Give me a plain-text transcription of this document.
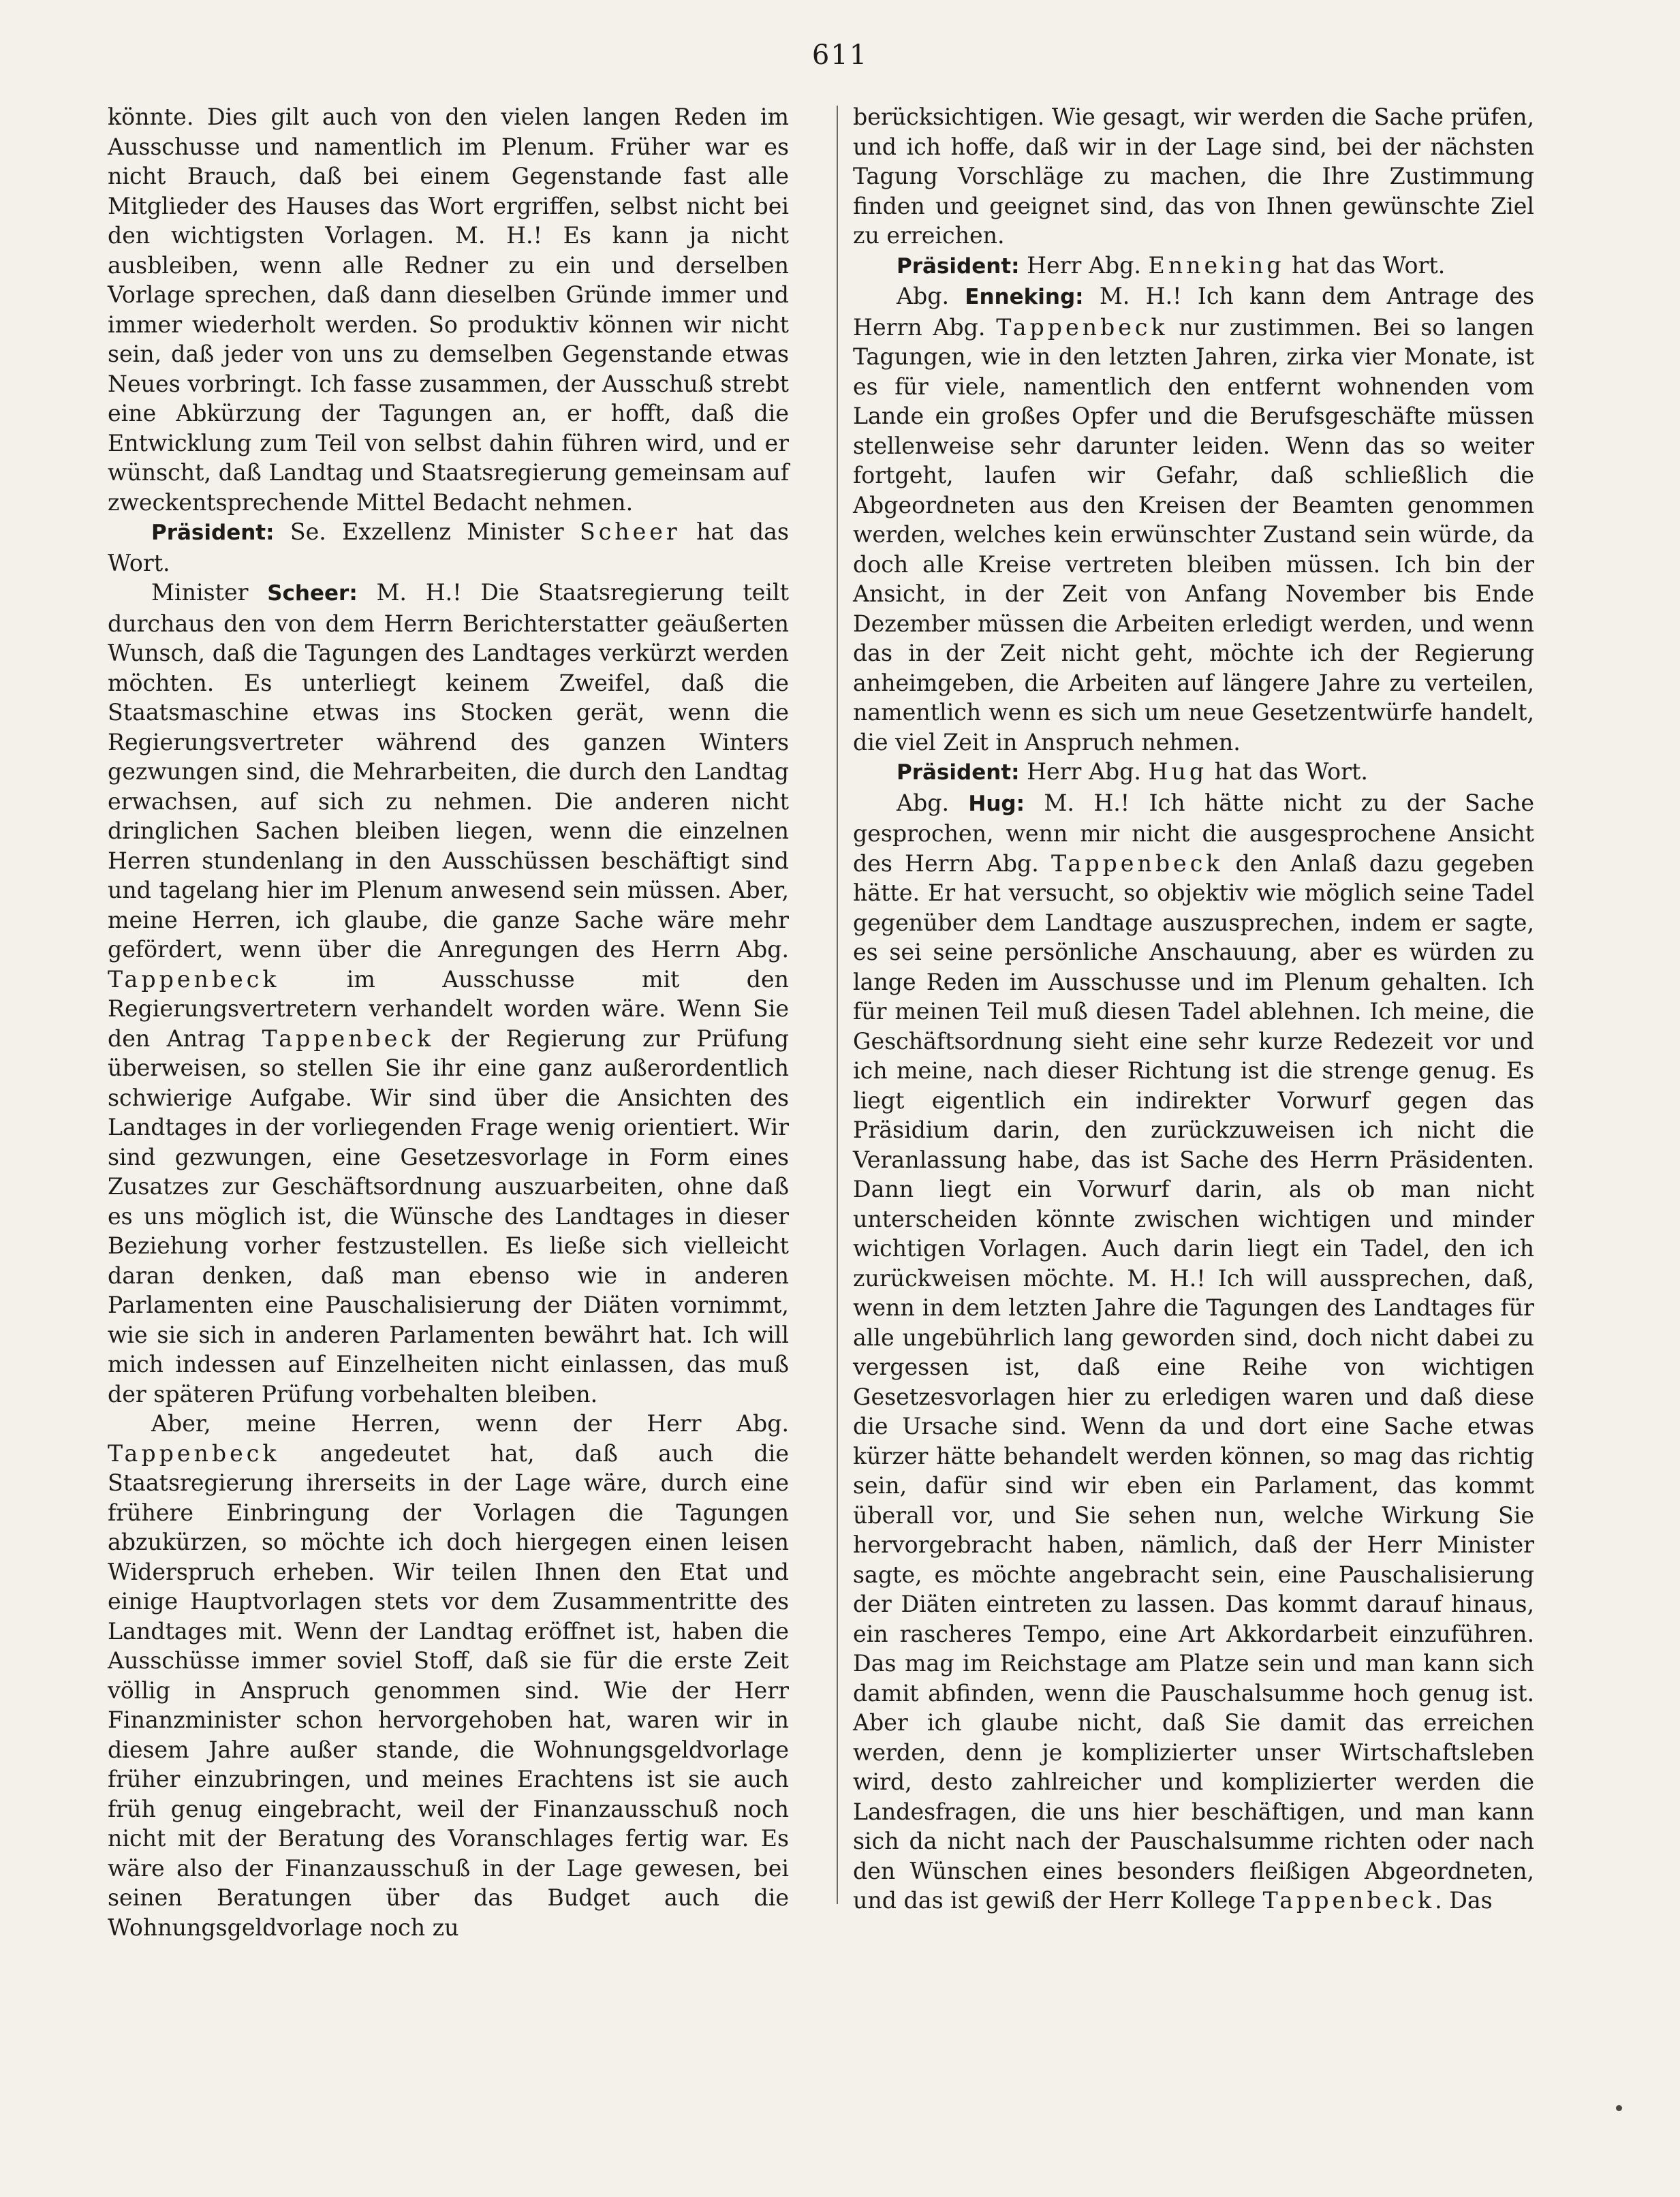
611

könnte. Dies gilt auch von den vielen langen Reden im Ausschusse und namentlich im Plenum. Früher war es nicht Brauch, daß bei einem Gegenstande fast alle Mitglieder des Hauses das Wort ergriffen, selbst nicht bei den wichtigsten Vorlagen. M. H.! Es kann ja nicht ausbleiben, wenn alle Redner zu ein und derselben Vorlage sprechen, daß dann dieselben Gründe immer und immer wiederholt werden. So produktiv können wir nicht sein, daß jeder von uns zu demselben Gegenstande etwas Neues vorbringt. Ich fasse zusammen, der Ausschuß strebt eine Abkürzung der Tagungen an, er hofft, daß die Entwicklung zum Teil von selbst dahin führen wird, und er wünscht, daß Landtag und Staatsregierung gemeinsam auf zweckentsprechende Mittel Bedacht nehmen.

Präsident: Se. Exzellenz Minister Scheer hat das Wort.

Minister Scheer: M. H.! Die Staatsregierung teilt durchaus den von dem Herrn Berichterstatter geäußerten Wunsch, daß die Tagungen des Landtages verkürzt werden möchten. Es unterliegt keinem Zweifel, daß die Staatsmaschine etwas ins Stocken gerät, wenn die Regierungsvertreter während des ganzen Winters gezwungen sind, die Mehrarbeiten, die durch den Landtag erwachsen, auf sich zu nehmen. Die anderen nicht dringlichen Sachen bleiben liegen, wenn die einzelnen Herren stundenlang in den Ausschüssen beschäftigt sind und tagelang hier im Plenum anwesend sein müssen. Aber, meine Herren, ich glaube, die ganze Sache wäre mehr gefördert, wenn über die Anregungen des Herrn Abg. Tappenbeck	im Ausschusse mit den Regierungsvertretern verhandelt worden wäre. Wenn Sie den Antrag Tappenbeck der Regierung zur Prüfung überweisen, so stellen Sie ihr eine ganz außerordentlich schwierige Aufgabe. Wir sind über die Ansichten des Landtages in der vorliegenden Frage wenig orientiert. Wir sind gezwungen, eine Gesetzesvorlage in Form eines Zusatzes zur Geschäftsordnung auszuarbeiten, ohne daß es uns möglich ist, die Wünsche des Landtages in dieser Beziehung vorher festzustellen. Es ließe sich vielleicht daran denken, daß man ebenso wie in anderen Parlamenten eine Pauschalisierung der Diäten vornimmt, wie sie sich in anderen Parlamenten bewährt hat. Ich will mich indessen auf Einzelheiten nicht einlassen, das muß der späteren Prüfung vorbehalten bleiben.

Aber, meine Herren, wenn der Herr Abg. Tappenbeck angedeutet hat, daß auch die Staatsregierung ihrerseits in der Lage wäre, durch eine frühere Einbringung der Vorlagen die Tagungen abzukürzen, so möchte ich doch hiergegen einen leisen Widerspruch erheben. Wir teilen Ihnen den Etat und einige Hauptvorlagen stets vor dem Zusammentritte des Landtages mit. Wenn der Landtag eröffnet ist, haben die Ausschüsse immer soviel Stoff, daß sie für die erste Zeit völlig in Anspruch genommen sind. Wie der Herr Finanzminister schon hervorgehoben hat, waren wir in diesem Jahre außer stande, die Wohnungsgeldvorlage früher einzubringen, und meines Erachtens ist sie auch früh genug eingebracht, weil der Finanzausschuß noch nicht mit der Beratung des Voranschlages fertig war. Es wäre also der Finanzausschuß in der Lage gewesen, bei seinen Beratungen über das Budget auch die Wohnungsgeldvorlage noch zu

berücksichtigen. Wie gesagt, wir werden die Sache prüfen, und ich hoffe, daß wir in der Lage sind, bei der nächsten Tagung Vorschläge zu machen, die Ihre Zustimmung finden und geeignet sind, das von Ihnen gewünschte Ziel zu erreichen.

Präsident: Herr Abg. Enneking hat das Wort.

Abg. Enneking: M. H.! Ich kann dem Antrage des Herrn Abg. Tappenbeck nur zustimmen. Bei so langen Tagungen, wie in den letzten Jahren, zirka vier Monate, ist es für viele, namentlich den entfernt wohnenden vom Lande ein großes Opfer und die Berufsgeschäfte müssen stellenweise sehr darunter leiden. Wenn das so weiter fortgeht, laufen wir Gefahr, daß schließlich die Abgeordneten aus den Kreisen der Beamten genommen werden, welches kein erwünschter Zustand sein würde, da doch alle Kreise vertreten bleiben müssen. Ich bin der Ansicht, in der Zeit von Anfang November bis Ende Dezember müssen die Arbeiten erledigt werden, und wenn das in der Zeit nicht geht, möchte ich der Regierung anheimgeben, die Arbeiten auf längere Jahre zu verteilen, namentlich wenn es sich um neue Gesetzentwürfe handelt, die viel Zeit in Anspruch nehmen.

Präsident: Herr Abg. Hug hat das Wort.

Abg. Hug: M. H.! Ich hätte nicht zu der Sache gesprochen, wenn mir nicht die ausgesprochene Ansicht des Herrn Abg. Tappenbeck den Anlaß dazu gegeben hätte. Er hat versucht, so objektiv wie möglich seine Tadel gegenüber dem Landtage auszusprechen, indem er sagte, es sei seine persönliche Anschauung, aber es würden zu lange Reden im Ausschusse und im Plenum gehalten. Ich für meinen Teil muß diesen Tadel ablehnen. Ich meine, die Geschäftsordnung sieht eine sehr kurze Redezeit vor und ich meine, nach dieser Richtung ist die strenge genug. Es liegt eigentlich ein indirekter Vorwurf gegen das Präsidium darin, den zurückzuweisen ich nicht die Veranlassung habe, das ist Sache des Herrn Präsidenten. Dann liegt ein Vorwurf darin, als ob man nicht unterscheiden könnte zwischen wichtigen und minder wichtigen Vorlagen. Auch darin liegt ein Tadel, den ich zurückweisen möchte. M. H.! Ich will aussprechen, daß, wenn in dem letzten Jahre die Tagungen des Landtages für alle ungebührlich lang geworden sind, doch nicht dabei zu vergessen ist, daß eine Reihe von wichtigen Gesetzesvorlagen hier zu erledigen waren und daß diese die Ursache sind. Wenn da und dort eine Sache etwas kürzer hätte behandelt werden können, so mag das richtig sein, dafür sind wir eben ein Parlament, das kommt überall vor, und Sie sehen nun, welche Wirkung Sie hervorgebracht haben, nämlich, daß der Herr Minister sagte, es möchte angebracht sein, eine Pauschalisierung der Diäten eintreten zu lassen. Das kommt darauf hinaus, ein rascheres Tempo, eine Art Akkordarbeit einzuführen. Das mag im Reichstage am Platze sein und man kann sich damit abfinden, wenn die Pauschalsumme hoch genug ist. Aber ich glaube nicht, daß Sie damit das erreichen werden, denn je komplizierter unser Wirtschaftsleben wird, desto zahlreicher und komplizierter werden die Landesfragen, die uns hier beschäftigen, und man kann sich da nicht nach der Pauschalsumme richten oder nach den Wünschen eines besonders fleißigen Abgeordneten, und das ist gewiß der Herr Kollege Tappenbeck. Das
